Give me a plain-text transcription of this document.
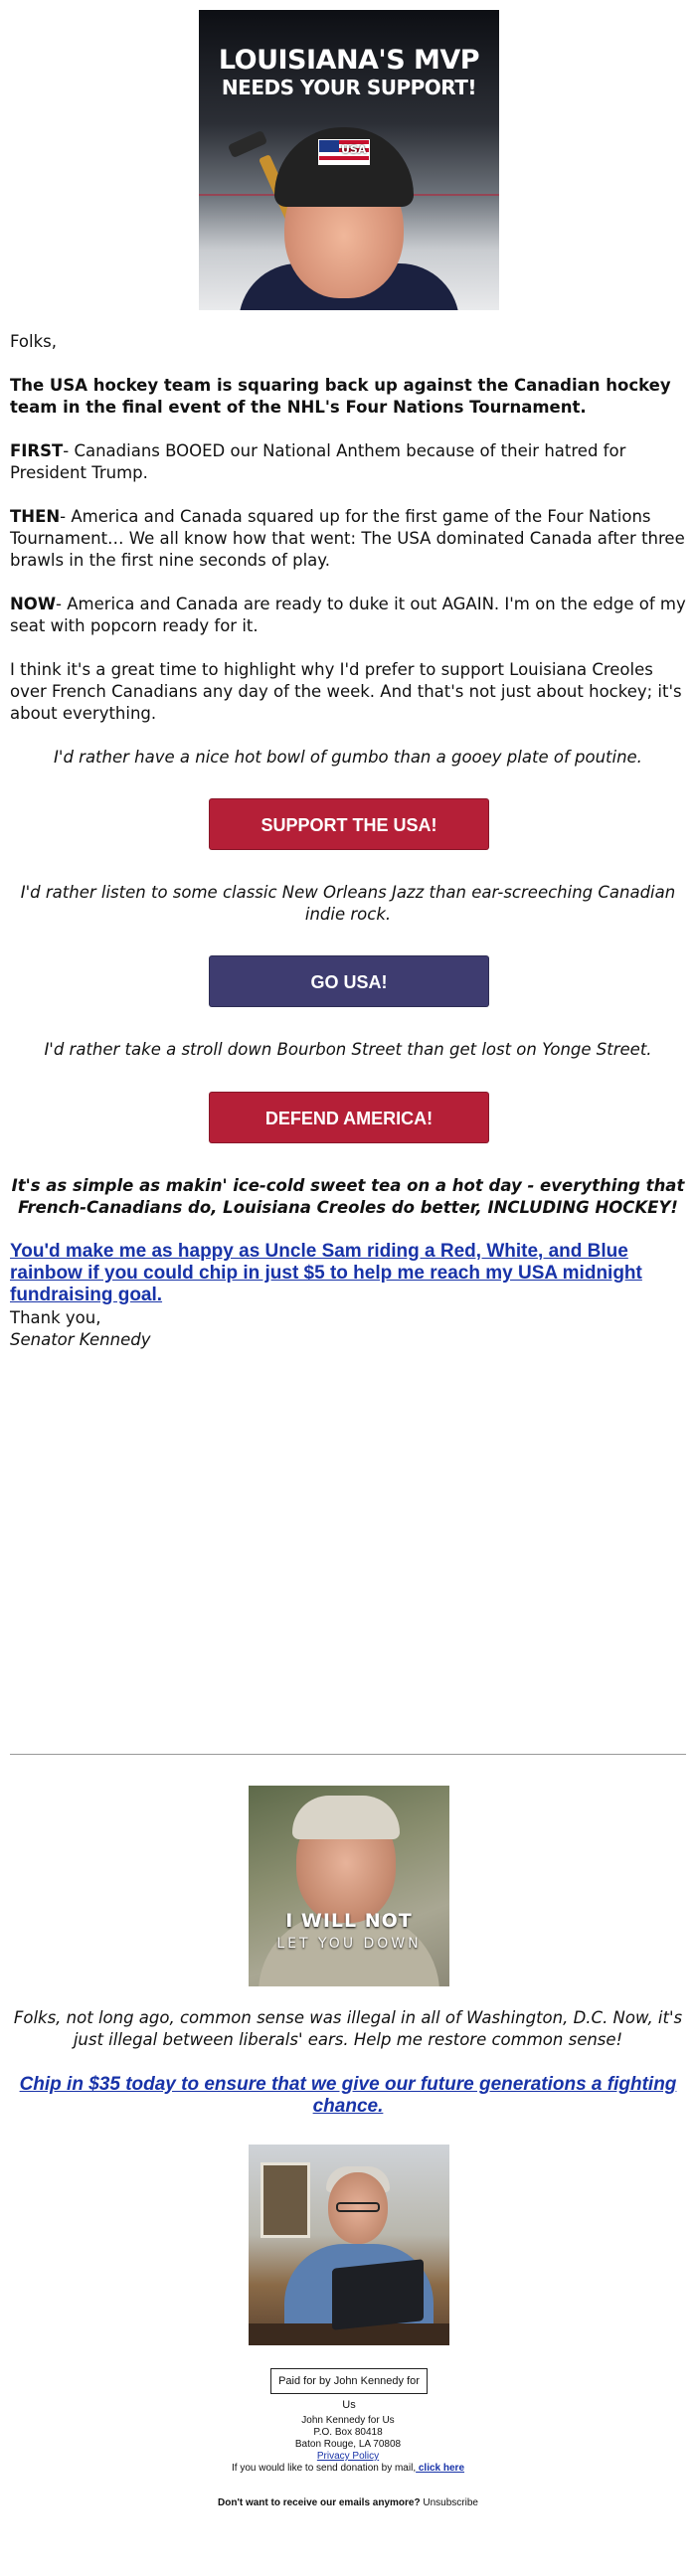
USA
LOUISIANA'S MVP
NEEDS YOUR SUPPORT!
Folks,
The USA hockey team is squaring back up against the Canadian hockey team in the final event of the NHL's Four Nations Tournament.
FIRST- Canadians BOOED our National Anthem because of their hatred for President Trump.
THEN- America and Canada squared up for the first game of the Four Nations Tournament… We all know how that went: The USA dominated Canada after three brawls in the first nine seconds of play.
NOW- America and Canada are ready to duke it out AGAIN. I'm on the edge of my seat with popcorn ready for it.
I think it's a great time to highlight why I'd prefer to support Louisiana Creoles over French Canadians any day of the week. And that's not just about hockey; it's about everything.
I'd rather have a nice hot bowl of gumbo than a gooey plate of poutine.
SUPPORT THE USA!
I'd rather listen to some classic New Orleans Jazz than ear-screeching Canadian indie rock.
GO USA!
I'd rather take a stroll down Bourbon Street than get lost on Yonge Street.
DEFEND AMERICA!
It's as simple as makin' ice-cold sweet tea on a hot day - everything that French-Canadians do, Louisiana Creoles do better, INCLUDING HOCKEY!
You'd make me as happy as Uncle Sam riding a Red, White, and Blue rainbow if you could chip in just $5 to help me reach my USA midnight fundraising goal.
Thank you,
Senator Kennedy
I WILL NOT
LET YOU DOWN
Folks, not long ago, common sense was illegal in all of Washington, D.C. Now, it's just illegal between liberals' ears. Help me restore common sense!
Chip in $35 today to ensure that we give our future generations a fighting chance.
Paid for by John Kennedy for Us
John Kennedy for Us
P.O. Box 80418
Baton Rouge, LA 70808
Privacy Policy
If you would like to send donation by mail, click here
Don't want to receive our emails anymore? Unsubscribe
